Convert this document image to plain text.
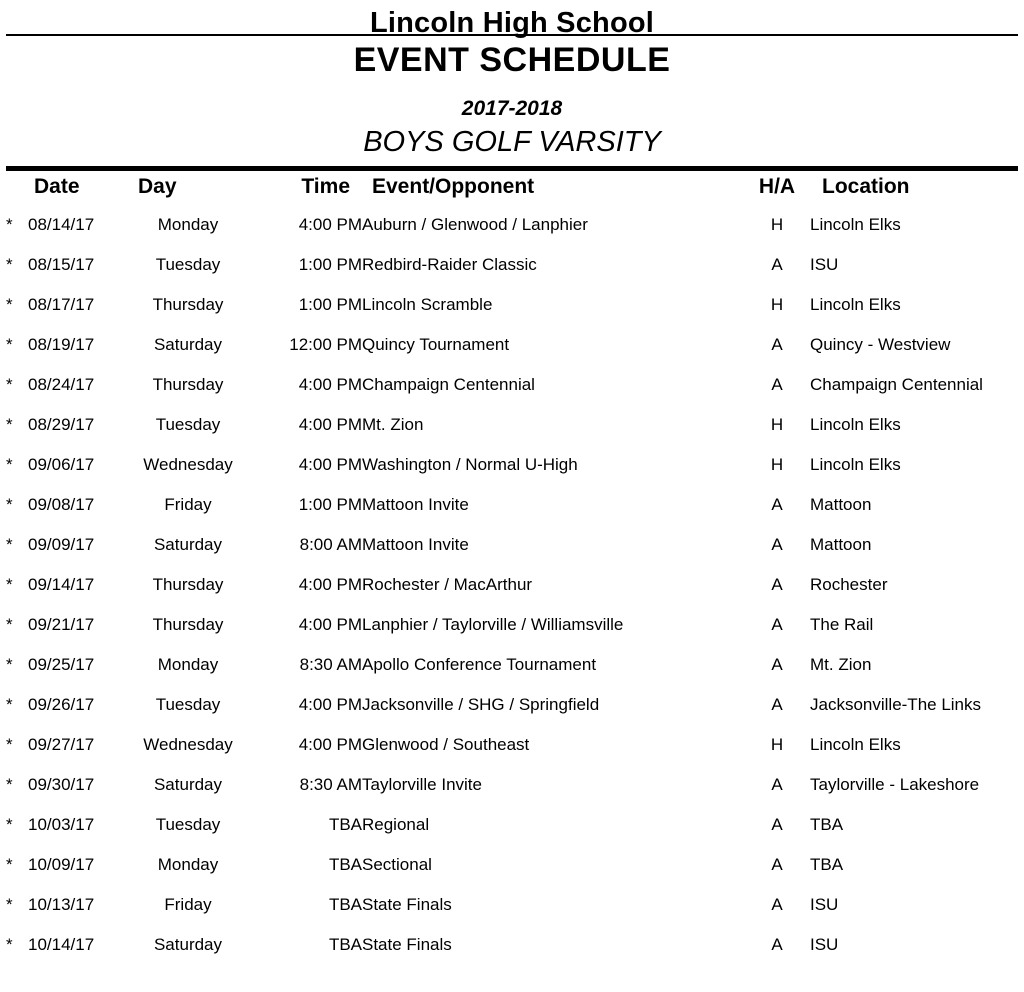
Lincoln High School
EVENT SCHEDULE
2017-2018
BOYS GOLF VARSITY
	Date	Day	Time	Event/Opponent	H/A	Location
*	08/14/17	Monday	4:00 PM	Auburn / Glenwood / Lanphier	H	Lincoln Elks
*	08/15/17	Tuesday	1:00 PM	Redbird-Raider Classic	A	ISU
*	08/17/17	Thursday	1:00 PM	Lincoln Scramble	H	Lincoln Elks
*	08/19/17	Saturday	12:00 PM	Quincy Tournament	A	Quincy - Westview
*	08/24/17	Thursday	4:00 PM	Champaign Centennial	A	Champaign Centennial
*	08/29/17	Tuesday	4:00 PM	Mt. Zion	H	Lincoln Elks
*	09/06/17	Wednesday	4:00 PM	Washington / Normal U-High	H	Lincoln Elks
*	09/08/17	Friday	1:00 PM	Mattoon Invite	A	Mattoon
*	09/09/17	Saturday	8:00 AM	Mattoon Invite	A	Mattoon
*	09/14/17	Thursday	4:00 PM	Rochester / MacArthur	A	Rochester
*	09/21/17	Thursday	4:00 PM	Lanphier / Taylorville / Williamsville	A	The Rail
*	09/25/17	Monday	8:30 AM	Apollo Conference Tournament	A	Mt. Zion
*	09/26/17	Tuesday	4:00 PM	Jacksonville / SHG / Springfield	A	Jacksonville-The Links
*	09/27/17	Wednesday	4:00 PM	Glenwood / Southeast	H	Lincoln Elks
*	09/30/17	Saturday	8:30 AM	Taylorville Invite	A	Taylorville - Lakeshore
*	10/03/17	Tuesday	TBA	Regional	A	TBA
*	10/09/17	Monday	TBA	Sectional	A	TBA
*	10/13/17	Friday	TBA	State Finals	A	ISU
*	10/14/17	Saturday	TBA	State Finals	A	ISU
